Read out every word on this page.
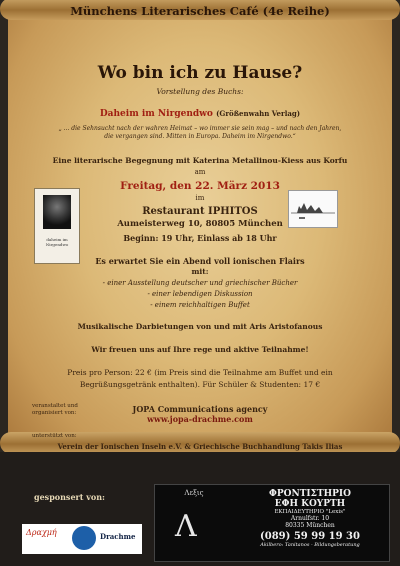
Münchens Literarisches Café (4e Reihe)
Wo bin ich zu Hause?
Vorstellung des Buchs:
Daheim im Nirgendwo (Größenwahn Verlag)
„ ... die Sehnsucht nach der wahren Heimat – wo immer sie sein mag – und nach den Jahren,
die vergangen sind. Mitten in Europa. Daheim im Nirgendwo.“
Eine literarische Begegnung mit Katerina Metallinou-Kiess aus Korfu
am
Freitag, den 22. März 2013
im
Restaurant IPHITOS
Aumeisterweg 10, 80805 München
Beginn: 19 Uhr, Einlass ab 18 Uhr
daheim im Nirgendwo
Es erwartet Sie ein Abend voll ionischen Flairs
mit:
- einer Ausstellung deutscher und griechischer Bücher
- einer lebendigen Diskussion
- einem reichhaltigen Buffet
Musikalische Darbietungen von und mit Aris Aristofanous
Wir freuen uns auf Ihre rege und aktive Teilnahme!
Preis pro Person: 22 € (im Preis sind die Teilnahme am Buffet und ein
Begrüßungsgetränk enthalten). Für Schüler & Studenten: 17 €
veranstaltet und
organisiert von:	JOPA Communications agency
www.jopa-drachme.com
unterstützt von:
Verein der Ionischen Inseln e.V. & Griechische Buchhandlung Takis Ilias
gesponsert von:
Δραχμή	Drachme
Λεξις
Λ
ΦΡΟΝΤΙΣΤΗΡΙΟ
ΕΦΗ ΚΟΥΡΤΗ
ΕΚΠΑΙΔΕΥΤΗΡΙΟ "Lexis"
Arnulfstr. 10
80335 München
(089) 59 99 19 30
Akilbero: Tanitanos - Bildungsberatung
